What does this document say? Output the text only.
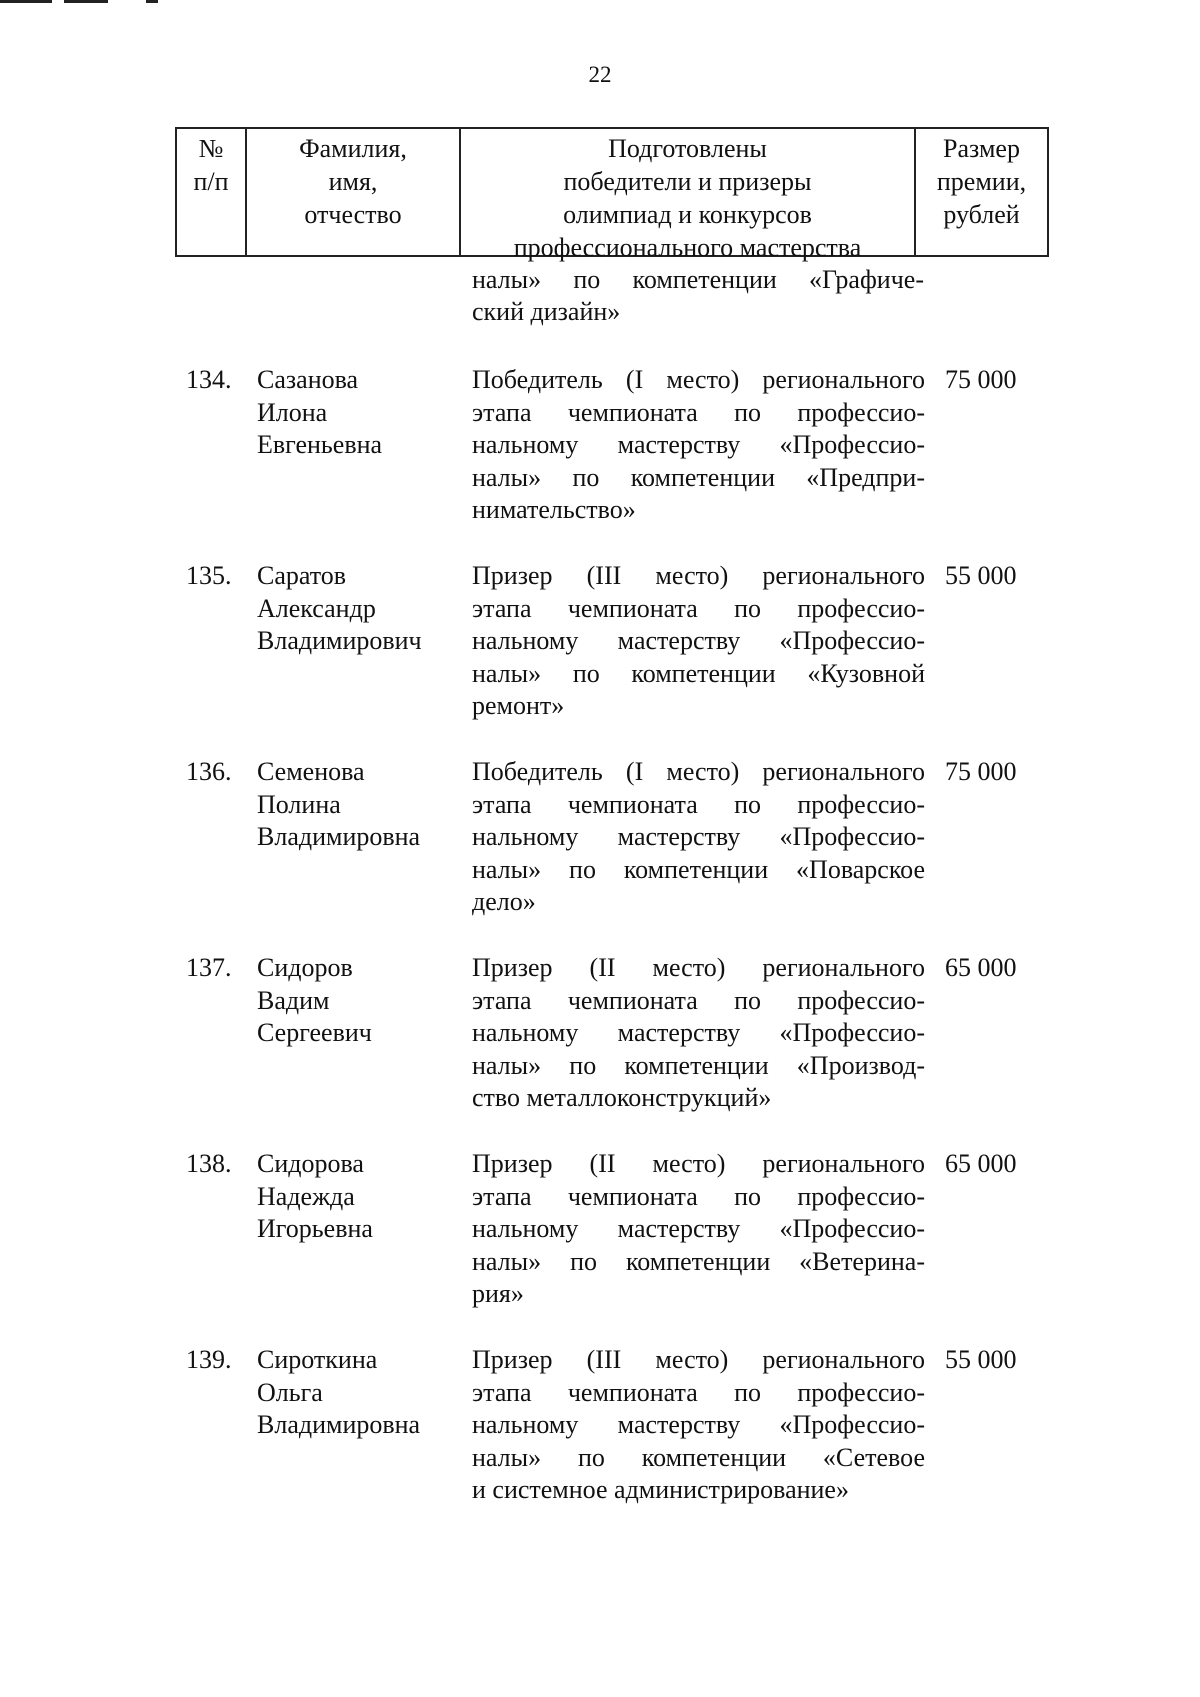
22
№
п/п
Фамилия,
имя,
отчество
Подготовлены
победители и призеры
олимпиад и конкурсов
профессионального мастерства
Размер
премии,
рублей
налы» по компетенции «Графиче-
ский дизайн»
134. Сазанова
Илона
Евгеньевна
Победитель (I место) регионального
этапа чемпионата по профессио-
нальному мастерству «Профессио-
налы» по компетенции «Предпри-
нимательство»
75 000
135. Саратов
Александр
Владимирович
Призер (III место) регионального
этапа чемпионата по профессио-
нальному мастерству «Профессио-
налы» по компетенции «Кузовной
ремонт»
55 000
136. Семенова
Полина
Владимировна
Победитель (I место) регионального
этапа чемпионата по профессио-
нальному мастерству «Профессио-
налы» по компетенции «Поварское
дело»
75 000
137. Сидоров
Вадим
Сергеевич
Призер (II место) регионального
этапа чемпионата по профессио-
нальному мастерству «Профессио-
налы» по компетенции «Производ-
ство металлоконструкций»
65 000
138. Сидорова
Надежда
Игорьевна
Призер (II место) регионального
этапа чемпионата по профессио-
нальному мастерству «Профессио-
налы» по компетенции «Ветерина-
рия»
65 000
139. Сироткина
Ольга
Владимировна
Призер (III место) регионального
этапа чемпионата по профессио-
нальному мастерству «Профессио-
налы» по компетенции «Сетевое
и системное администрирование»
55 000
